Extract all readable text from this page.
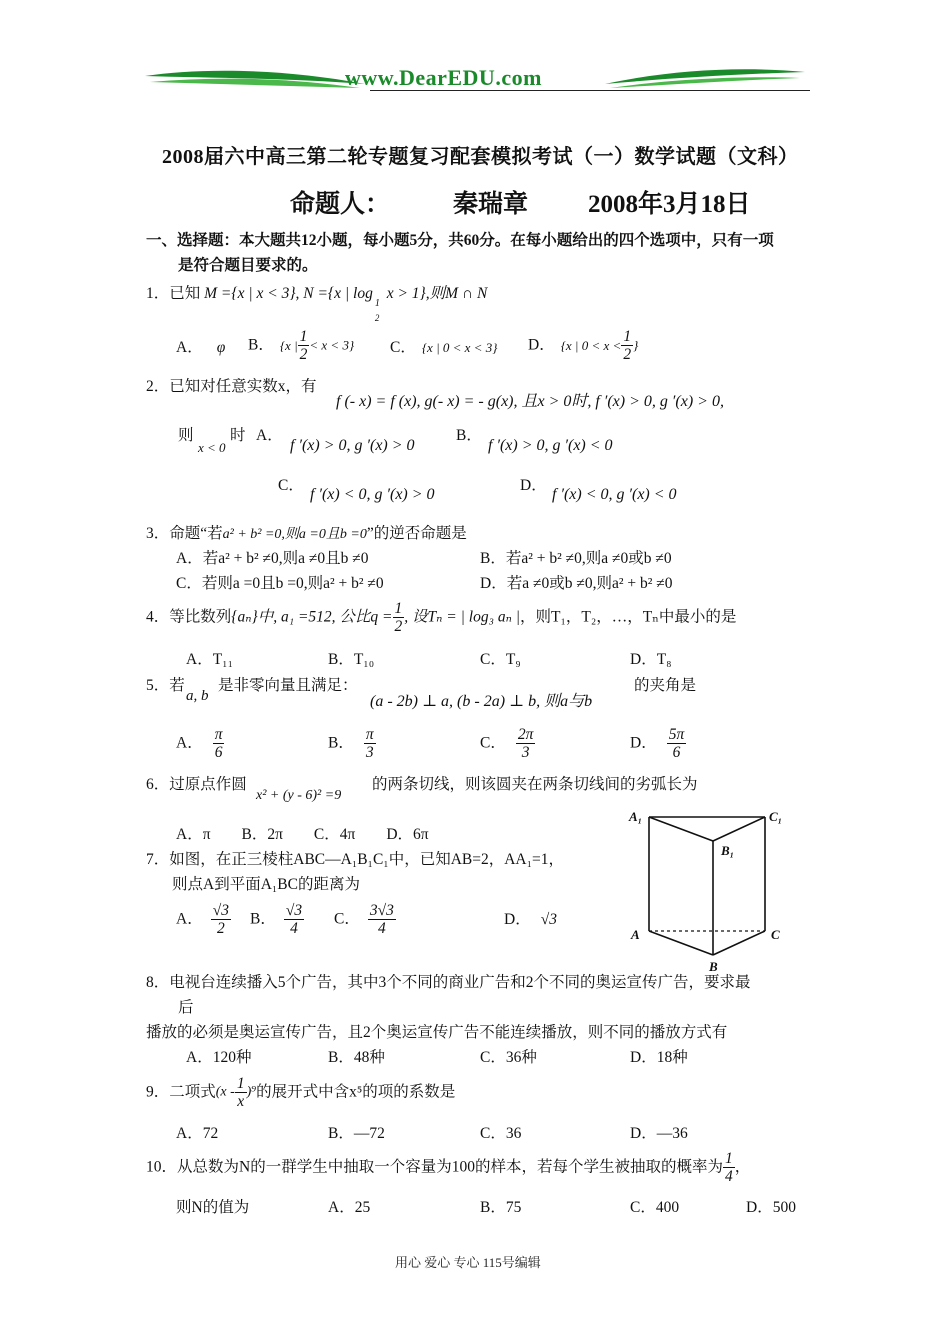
www.DearEDU.com
2008届六中高三第二轮专题复习配套模拟考试（一）数学试题（文科）
命题人：	秦瑞章 2008年3月18日
一、选择题：本大题共12小题，每小题5分，共60分。在每小题给出的四个选项中，只有一项
是符合题目要求的。
1．已知 M ={x | x < 3}, N ={x | log
1
2
x > 1},则M ∩ N
A． φ B． {x | $\frac{1}{2} < x < 3$} C． {x | 0 < x < 3} D． {x | $0 < x < \frac{1}{2}$ }
2．已知对任意实数x，有
f (- x) = f (x), g(- x) = - g(x), 且x > 0时, f ′(x) > 0, g ′(x) > 0,
则
x < 0
时 A．
f ′(x) > 0, g ′(x) > 0
B．
f ′(x) > 0, g ′(x) < 0
C．
f ′(x) < 0, g ′(x) > 0
D．
f ′(x) < 0, g ′(x) < 0
3．命题“若a² + b² =0,则a =0且b =0”的逆否命题是
A．若a² + b² ≠0,则a ≠0且b ≠0	B．若a² + b² ≠0,则a ≠0或b ≠0
C．若则a =0且b =0,则a² + b² ≠0	D．若a ≠0或b ≠0,则a² + b² ≠0
4．等比数列{aₙ}中, a₁ =512, 公比$q = \frac{1}{2}$ , 设Tₙ = | log₃ aₙ |，则T₁，T₂，…，Tₙ中最小的是
A．T₁₁	B．T₁₀	C．T₉	D．T₈
5．若
a, b
是非零向量且满足：
(a - 2b) ⊥ a, (b - 2a) ⊥ b, 则a与b
的夹角是
A． $\frac{\pi}{6}$	B． $\frac{\pi}{3}$	C． $\frac{2\pi}{3}$	D． $\frac{5\pi}{6}$
6．过原点作圆
x² + (y - 6)² =9
的两条切线，则该圆夹在两条切线间的劣弧长为
A．π　　B．2π　　C．4π　　D．6π
7．如图，在正三棱柱ABC—A₁B₁C₁中，已知AB=2，AA₁=1，
则点A到平面A₁BC的距离为
A． $\frac{√3}{2}$ B． $\frac{√3}{4}$ C． $\frac{3√3}{4}$	D． √3
A₁	C₁
B₁
A	C
B
8．电视台连续播入5个广告，其中3个不同的商业广告和2个不同的奥运宣传广告，要求最
后
播放的必须是奥运宣传广告，且2个奥运宣传广告不能连续播放，则不同的播放方式有
A．120种	B．48种	C．36种	D．18种
9．二项式$(x - \frac{1}{x} )^9$的展开式中含x⁵的项的系数是
A．72	B．—72	C．36	D．—36
10．从总数为N的一群学生中抽取一个容量为100的样本，若每个学生被抽取的概率为 $\frac{1}{4}$ ，
则N的值为	A．25	B．75	C．400	D．500
用心 爱心 专心 115号编辑
